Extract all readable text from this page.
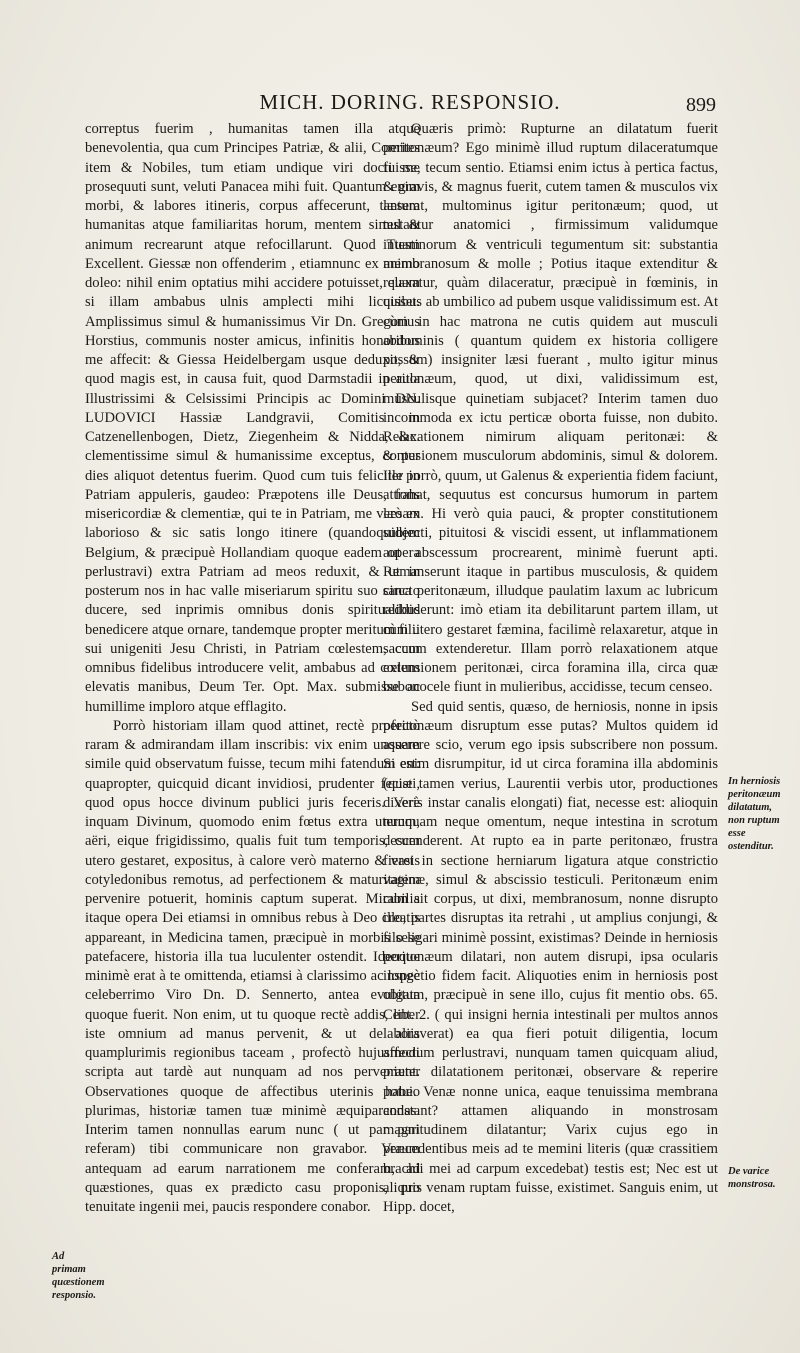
MICH. DORING. RESPONSIO.	899

correptus fuerim , humanitas tamen illa atque benevolentia, qua cum Principes Patriæ, & alii, Comites item & Nobiles, tum etiam undique viri docti me prosequuti sunt, veluti Panacea mihi fuit. Quantum enim morbi, & labores itineris, corpus affecerunt, tantum humanitas atque familiaritas horum, mentem simul & animum recrearunt atque refocillarunt. Quod Tuam Excellent. Giessæ non offenderim , etiamnunc ex animo doleo: nihil enim optatius mihi accidere potuisset, quam si illam ambabus ulnis amplecti mihi licuisset. Amplissimus simul & humanissimus Vir Dn. Gregorius Horstius, communis noster amicus, infinitis honoribus me affecit: & Giessa Heidelbergam usque deduxit, & quod magis est, in causa fuit, quod Darmstadii in aula Illustrissimi & Celsissimi Principis ac Domini DN. LUDOVICI Hassiæ Landgravii, Comitis in Catzenellenbogen, Dietz, Ziegenheim & Nidda, &c. clementissime simul & humanissime exceptus, & per dies aliquot detentus fuerim. Quod cum tuis feliciter in Patriam appuleris, gaudeo: Præpotens ille Deus, fons misericordiæ & clementiæ, qui te in Patriam, me verò ex laborioso & sic satis longo itinere (quandoquidem Belgium, & præcipuè Hollandiam quoque eadem opera perlustravi) extra Patriam ad meos reduxit, & ut in posterum nos in hac valle miseriarum spiritu suo sancto ducere, sed inprimis omnibus donis spiritualibus benedicere atque ornare, tandemque propter meritum filii sui unigeniti Jesu Christi, in Patriam cœlestem, cum omnibus fidelibus introducere velit, ambabus ad cœlum elevatis manibus, Deum Ter. Opt. Max. submisse ac humillime imploro atque efflagito.

Porrò historiam illam quod attinet, rectè profectò raram & admirandam illam inscribis: vix enim unquam simile quid observatum fuisse, tecum mihi fatendum est: quapropter, quicquid dicant invidiosi, prudenter fecisti, quod opus hocce divinum publici juris feceris. Verè inquam Divinum, quomodo enim fœtus extra uterum, aëri, eique frigidissimo, qualis fuit tum temporis, cum utero gestaret, expositus, à calore verò materno & vasis cotyledonibus remotus, ad perfectionem & maturitatem pervenire potuerit, hominis captum superat. Mirabilia itaque opera Dei etiamsi in omnibus rebus à Deo creatis appareant, in Medicina tamen, præcipuè in morbis sese patefacere, historia illa tua luculenter ostendit. Ideoque minimè erat à te omittenda, etiamsi à clarissimo ac longè celeberrimo Viro Dn. D. Sennerto, antea evulgata quoque fuerit. Non enim, ut tu quoque rectè addis, liber iste omnium ad manus pervenit, & ut de aliis quamplurimis regionibus taceam , profectò hujusmodi scripta aut tardè aut nunquam ad nos perveniunt. Observationes quoque de affectibus uterinis habeo plurimas, historiæ tamen tuæ minimè æquiparandas. Interim tamen nonnullas earum nunc ( ut par pari referam) tibi communicare non gravabor. Verum antequam ad earum narrationem me conferam, ad quæstiones, quas ex prædicto casu proponis, pro tenuitate ingenii mei, paucis respondere conabor.

Quæris primò: Rupturne an dilatatum fuerit peritonæum? Ego minimè illud ruptum dilaceratumque fuisse, tecum sentio. Etiamsi enim ictus à pertica factus, & gravis, & magnus fuerit, cutem tamen & musculos vix læserat, multominus igitur peritonæum; quod, ut testantur anatomici , firmissimum validumque intestinorum & ventriculi tegumentum sit: substantia membranosum & molle ; Potius itaque extenditur & relaxatur, quàm dilaceratur, præcipuè in fœminis, in quibus ab umbilico ad pubem usque validissimum est. At cùm in hac matrona ne cutis quidem aut musculi abdominis ( quantum quidem ex historia colligere possum) insigniter læsi fuerant , multo igitur minus peritonæum, quod, ut dixi, validissimum est, musculisque quinetiam subjacet? Interim tamen duo incommoda ex ictu perticæ oborta fuisse, non dubito. Relaxationem nimirum aliquam peritonæi: & contusionem musculorum abdominis, simul & dolorem. Ille porrò, quum, ut Galenus & experientia fidem faciunt, attrahat, sequutus est concursus humorum in partem læsam. Hi verò quia pauci, & propter constitutionem subjecti, pituitosi & viscidi essent, ut inflammationem aut abscessum procrearent, minimè fuerunt apti. Remanserunt itaque in partibus musculosis, & quidem circa peritonæum, illudque paulatim laxum ac lubricum reddiderunt: imò etiam ita debilitarunt partem illam, ut cùm utero gestaret fæmina, facilimè relaxaretur, atque in saccum extenderetur. Illam porrò relaxationem atque extensionem peritonæi, circa foramina illa, circa quæ bubonocele fiunt in mulieribus, accidisse, tecum censeo.

Sed quid sentis, quæso, de herniosis, nonne in ipsis peritonæum disruptum esse putas? Multos quidem id asserere scio, verum ego ipsis subscribere non possum. Si enim disrumpitur, id ut circa foramina illa abdominis (quæ tamen verius, Laurentii verbis utor, productiones dixeris instar canalis elongati) fiat, necesse est: alioquin nunquam neque omentum, neque intestina in scrotum descenderent. At rupto ea in parte peritonæo, frustra fieret in sectione herniarum ligatura atque constrictio vaginæ, simul & abscissio testiculi. Peritonæum enim cum sit corpus, ut dixi, membranosum, nonne disrupto illo, partes disruptas ita retrahi , ut amplius conjungi, & filo ligari minimè possint, existimas? Deinde in herniosis peritonæum dilatari, non autem disrupi, ipsa ocularis inspectio fidem facit. Aliquoties enim in herniosis post obitum, præcipuè in sene illo, cujus fit mentio obs. 65. Cent. 2. ( qui insigni hernia intestinali per multos annos laboraverat) ea qua fieri potuit diligentia, locum affectum perlustravi, nunquam tamen quicquam aliud, præter dilatationem peritonæi, observare & reperire potui. Venæ nonne unica, eaque tenuissima membrana constant? attamen aliquando in monstrosam magnitudinem dilatantur; Varix cujus ego in præcedentibus meis ad te memini literis (quæ crassitiem brachii mei ad carpum excedebat) testis est; Nec est ut aliquis venam ruptam fuisse, existimet. Sanguis enim, ut Hipp. docet,

Ad primam quæstionem responsio.
In herniosis peritonæum dilatatum, non ruptum esse ostenditur.
De varice monstrosa.
